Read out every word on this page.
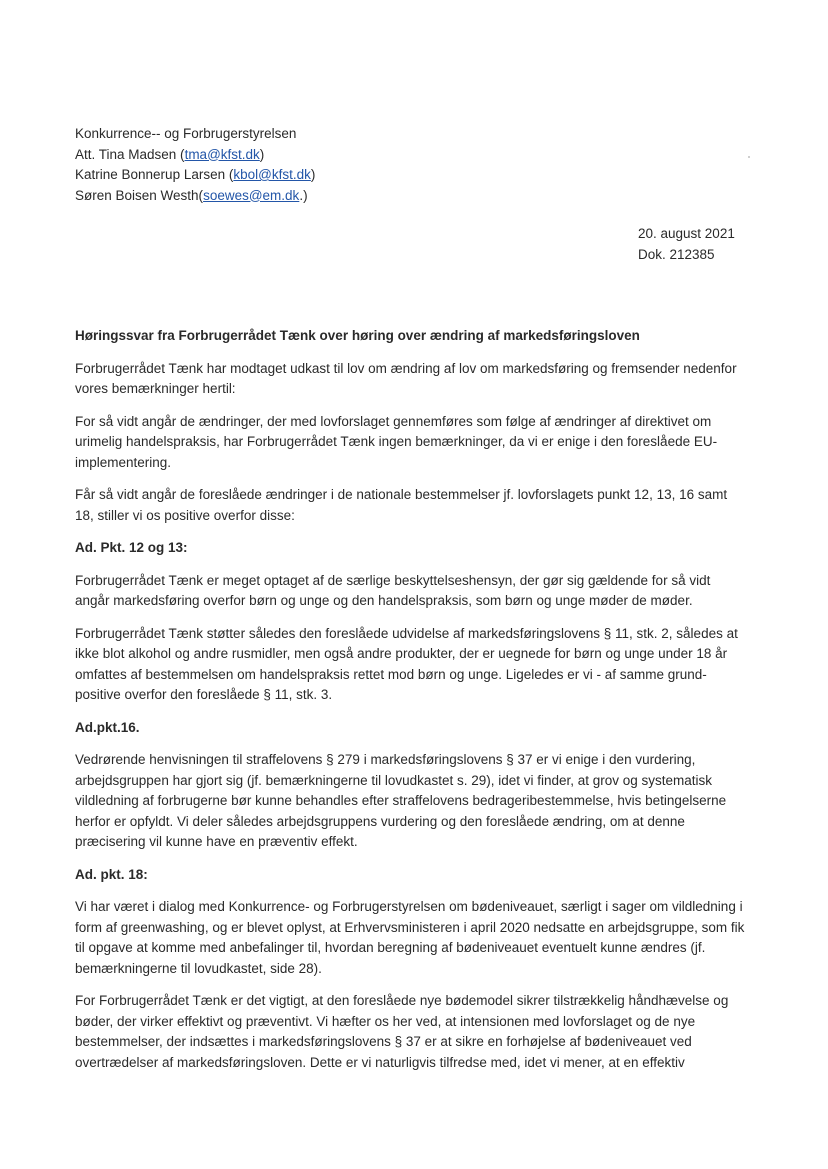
Konkurrence-- og Forbrugerstyrelsen
Att. Tina Madsen (tma@kfst.dk)
Katrine Bonnerup Larsen (kbol@kfst.dk)
Søren Boisen Westh(soewes@em.dk.)
20. august 2021
Dok. 212385
Høringssvar fra Forbrugerrådet Tænk over høring over ændring af markedsføringsloven

Forbrugerrådet Tænk har modtaget udkast til lov om ændring af lov om markedsføring og fremsender nedenfor vores bemærkninger hertil:

For så vidt angår de ændringer, der med lovforslaget gennemføres som følge af ændringer af direktivet om urimelig handelspraksis, har Forbrugerrådet Tænk ingen bemærkninger, da vi er enige i den foreslåede EU-implementering.

Får så vidt angår de foreslåede ændringer i de nationale bestemmelser jf. lovforslagets punkt 12, 13, 16 samt 18, stiller vi os positive overfor disse:

Ad. Pkt. 12 og 13:

Forbrugerrådet Tænk er meget optaget af de særlige beskyttelseshensyn, der gør sig gældende for så vidt angår markedsføring overfor børn og unge og den handelspraksis, som børn og unge møder de møder.

Forbrugerrådet Tænk støtter således den foreslåede udvidelse af markedsføringslovens § 11, stk. 2, således at ikke blot alkohol og andre rusmidler, men også andre produkter, der er uegnede for børn og unge under 18 år omfattes af bestemmelsen om handelspraksis rettet mod børn og unge. Ligeledes er vi - af samme grund- positive overfor den foreslåede § 11, stk. 3.

Ad.pkt.16.

Vedrørende henvisningen til straffelovens § 279 i markedsføringslovens § 37 er vi enige i den vurdering, arbejdsgruppen har gjort sig (jf. bemærkningerne til lovudkastet s. 29), idet vi finder, at grov og systematisk vildledning af forbrugerne bør kunne behandles efter straffelovens bedrageribestemmelse, hvis betingelserne herfor er opfyldt. Vi deler således arbejdsgruppens vurdering og den foreslåede ændring, om at denne præcisering vil kunne have en præventiv effekt.

Ad. pkt. 18:

Vi har været i dialog med Konkurrence- og Forbrugerstyrelsen om bødeniveauet, særligt i sager om vildledning i form af greenwashing, og er blevet oplyst, at Erhvervsministeren i april 2020 nedsatte en arbejdsgruppe, som fik til opgave at komme med anbefalinger til, hvordan beregning af bødeniveauet eventuelt kunne ændres (jf. bemærkningerne til lovudkastet, side 28).

For Forbrugerrådet Tænk er det vigtigt, at den foreslåede nye bødemodel sikrer tilstrækkelig håndhævelse og bøder, der virker effektivt og præventivt. Vi hæfter os her ved, at intensionen med lovforslaget og de nye bestemmelser, der indsættes i markedsføringslovens § 37 er at sikre en forhøjelse af bødeniveauet ved overtrædelser af markedsføringsloven. Dette er vi naturligvis tilfredse med, idet vi mener, at en effektiv
